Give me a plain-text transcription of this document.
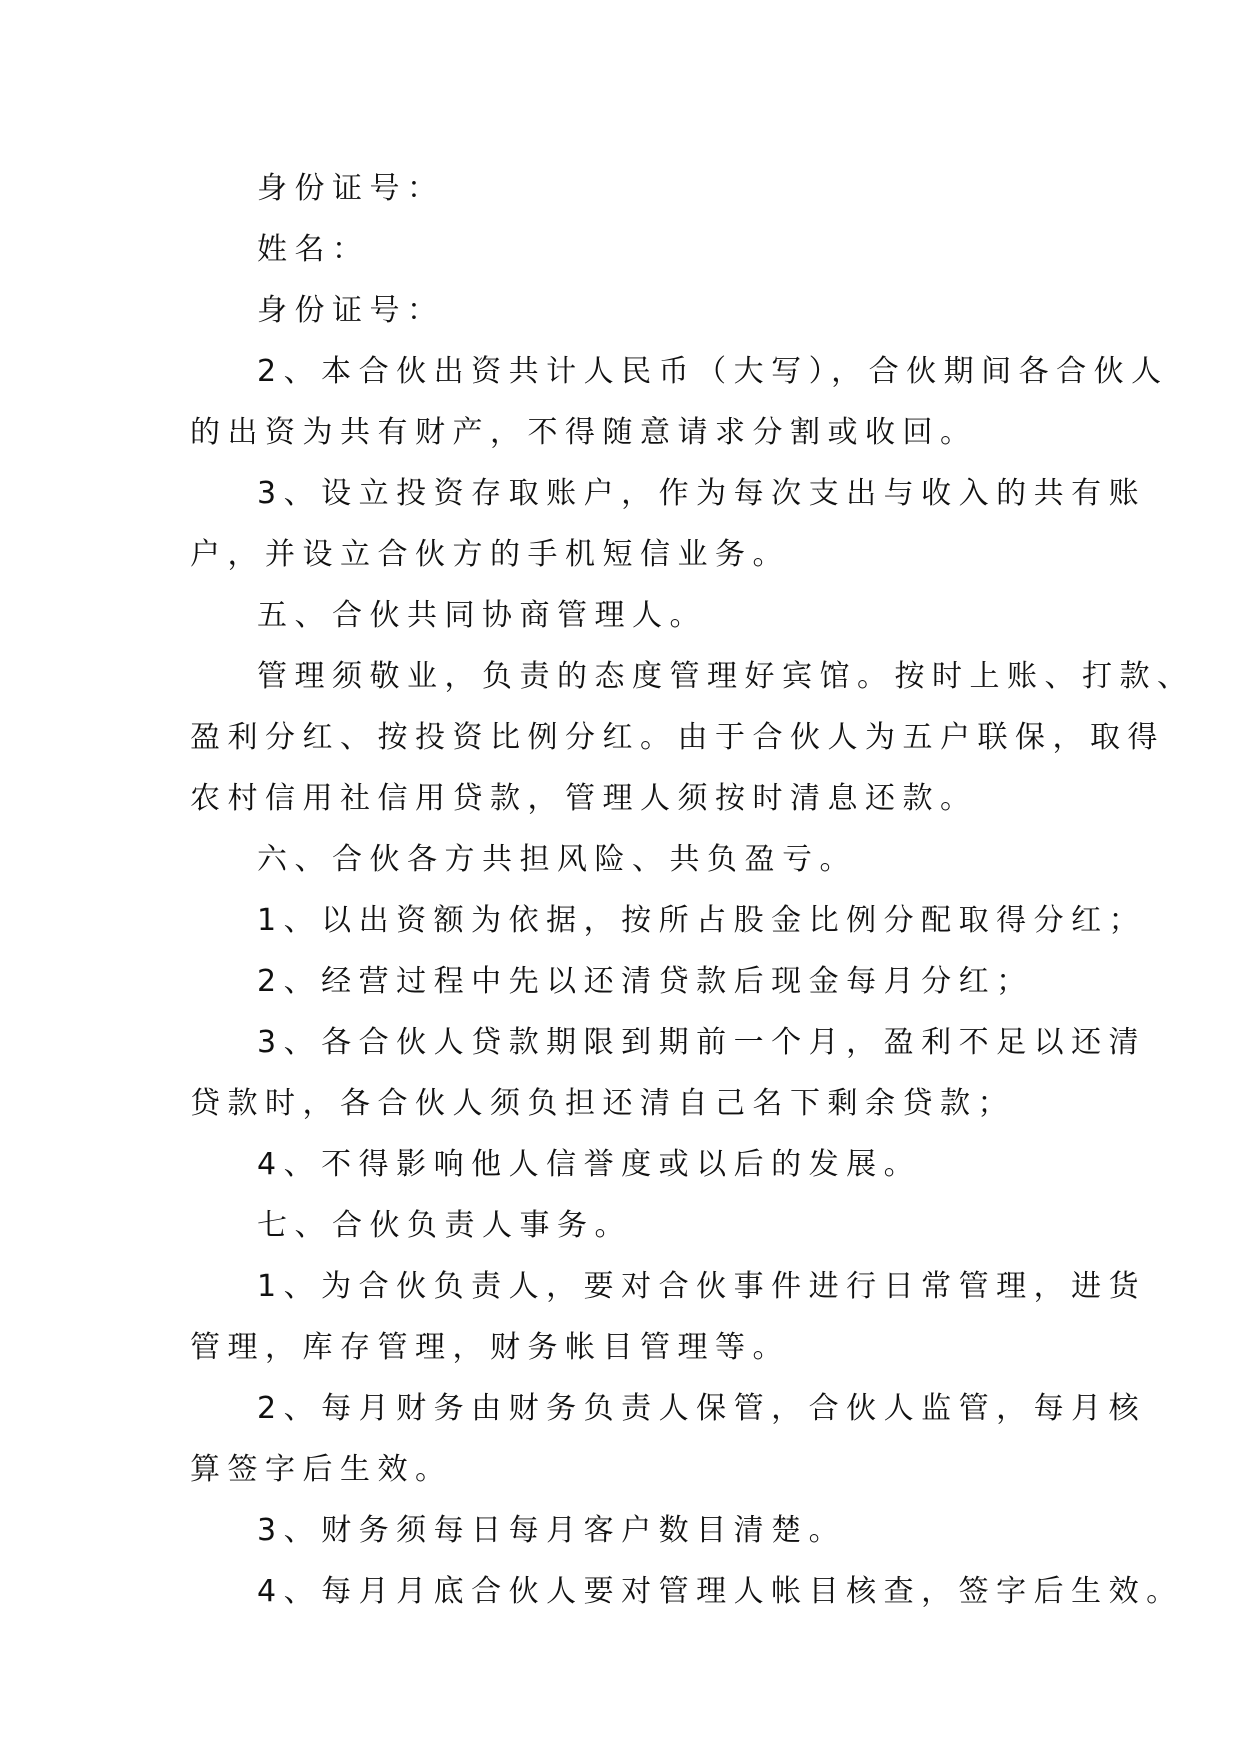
身份证号：
姓名：
身份证号：
2、本合伙出资共计人民币（大写），合伙期间各合伙人
的出资为共有财产，不得随意请求分割或收回。
3、设立投资存取账户，作为每次支出与收入的共有账
户，并设立合伙方的手机短信业务。
五、合伙共同协商管理人。
管理须敬业，负责的态度管理好宾馆。按时上账、打款、
盈利分红、按投资比例分红。由于合伙人为五户联保，取得
农村信用社信用贷款，管理人须按时清息还款。
六、合伙各方共担风险、共负盈亏。
1、以出资额为依据，按所占股金比例分配取得分红；
2、经营过程中先以还清贷款后现金每月分红；
3、各合伙人贷款期限到期前一个月，盈利不足以还清
贷款时，各合伙人须负担还清自己名下剩余贷款；
4、不得影响他人信誉度或以后的发展。
七、合伙负责人事务。
1、为合伙负责人，要对合伙事件进行日常管理，进货
管理，库存管理，财务帐目管理等。
2、每月财务由财务负责人保管，合伙人监管，每月核
算签字后生效。
3、财务须每日每月客户数目清楚。
4、每月月底合伙人要对管理人帐目核查，签字后生效。
